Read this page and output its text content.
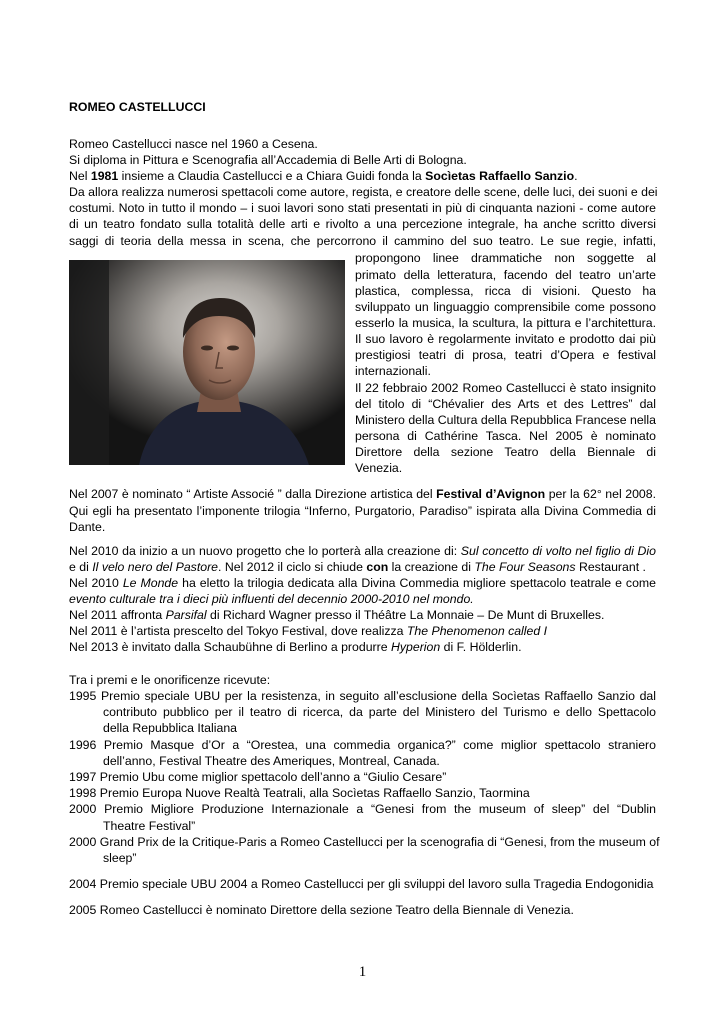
ROMEO CASTELLUCCI
Romeo Castellucci nasce nel 1960 a Cesena.
Si diploma in Pittura e Scenografia all’Accademia di Belle Arti di Bologna.
Nel 1981 insieme a Claudia Castellucci e a Chiara Guidi fonda la Socìetas Raffaello Sanzio.
Da allora realizza numerosi spettacoli come autore, regista, e creatore delle scene, delle luci, dei suoni e dei
costumi. Noto in tutto il mondo – i suoi lavori sono stati presentati in più di cinquanta nazioni - come autore
di un teatro fondato sulla totalità delle arti e rivolto a una percezione integrale, ha anche scritto diversi
saggi di teoria della messa in scena, che percorrono il cammino del suo teatro. Le sue regie, infatti,
propongono linee drammatiche non soggette al
primato della letteratura, facendo del teatro un’arte
plastica, complessa, ricca di visioni. Questo ha
sviluppato un linguaggio comprensibile come possono
esserlo la musica, la scultura, la pittura e l’architettura.
Il suo lavoro è regolarmente invitato e prodotto dai più
prestigiosi teatri di prosa, teatri d’Opera e festival
internazionali.
Il 22 febbraio 2002 Romeo Castellucci è stato insignito
del titolo di “Chévalier des Arts et des Lettres” dal
Ministero della Cultura della Repubblica Francese nella
persona di Cathérine Tasca. Nel 2005 è nominato
Direttore della sezione Teatro della Biennale di
Venezia.
Nel 2007 è nominato “ Artiste Associé ” dalla Direzione artistica del Festival d’Avignon per la 62° nel 2008.
Qui egli ha presentato l’imponente trilogia “Inferno, Purgatorio, Paradiso” ispirata alla Divina Commedia di
Dante.
Nel 2010 da inizio a un nuovo progetto che lo porterà alla creazione di: Sul concetto di volto nel figlio di Dio
e di Il velo nero del Pastore. Nel 2012 il ciclo si chiude con la creazione di The Four Seasons Restaurant .
Nel 2010 Le Monde ha eletto la trilogia dedicata alla Divina Commedia migliore spettacolo teatrale e come
evento culturale tra i dieci più influenti del decennio 2000-2010 nel mondo.
Nel 2011 affronta Parsifal di Richard Wagner presso il Théâtre La Monnaie – De Munt di Bruxelles.
Nel 2011 è l’artista prescelto del Tokyo Festival, dove realizza The Phenomenon called I
Nel 2013 è invitato dalla Schaubühne di Berlino a produrre Hyperion di F. Hölderlin.
Tra i premi e le onorificenze ricevute:
1995 Premio speciale UBU per la resistenza, in seguito all’esclusione della Socìetas Raffaello Sanzio dal
contributo pubblico per il teatro di ricerca, da parte del Ministero del Turismo e dello Spettacolo
della Repubblica Italiana
1996 Premio Masque d’Or a “Orestea, una commedia organica?” come miglior spettacolo straniero
dell’anno, Festival Theatre des Ameriques, Montreal, Canada.
1997 Premio Ubu come miglior spettacolo dell’anno a “Giulio Cesare”
1998 Premio Europa Nuove Realtà Teatrali, alla Socìetas Raffaello Sanzio, Taormina
2000 Premio Migliore Produzione Internazionale a “Genesi from the museum of sleep” del “Dublin
Theatre Festival”
2000 Grand Prix de la Critique-Paris a Romeo Castellucci per la scenografia di “Genesi, from the museum of
sleep”
2004 Premio speciale UBU 2004 a Romeo Castellucci per gli sviluppi del lavoro sulla Tragedia Endogonidia
2005 Romeo Castellucci è nominato Direttore della sezione Teatro della Biennale di Venezia.
1
